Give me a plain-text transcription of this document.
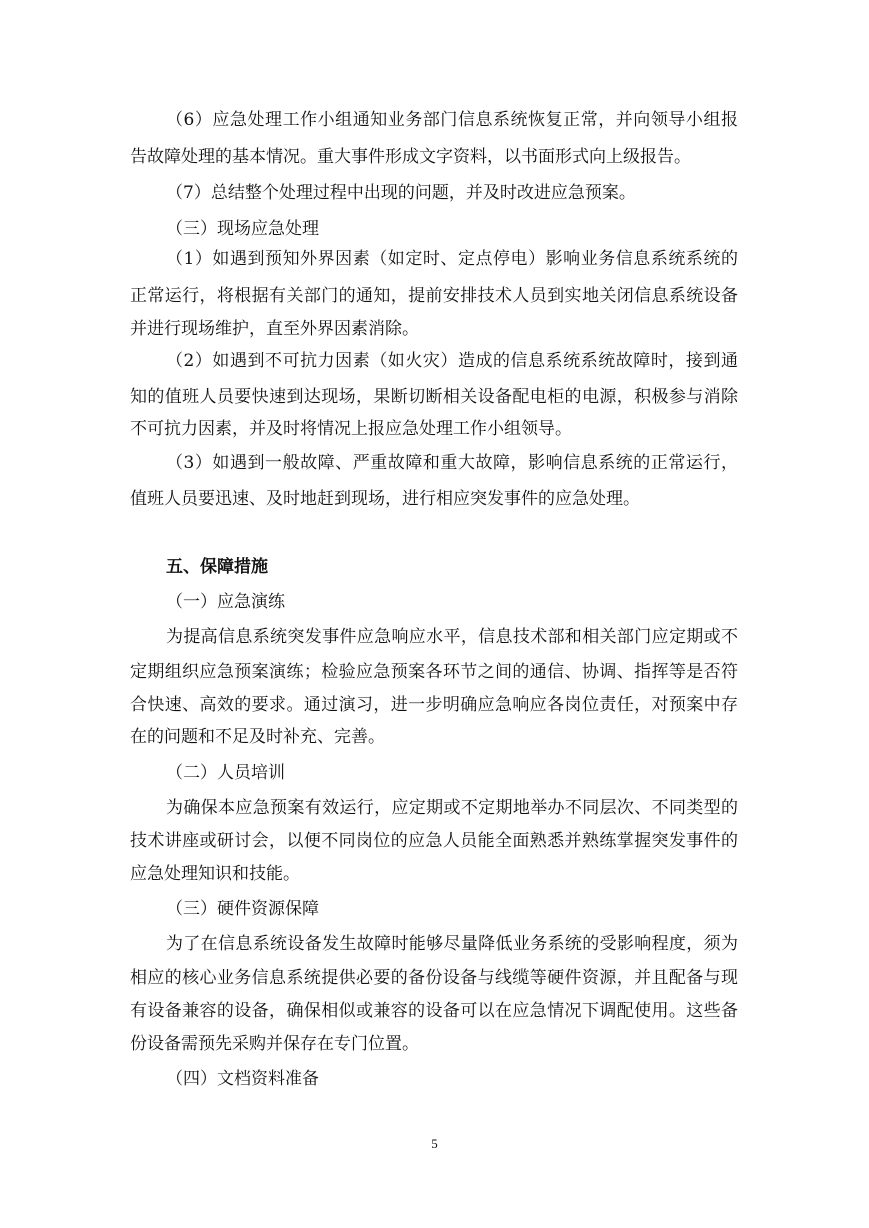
（6）应急处理工作小组通知业务部门信息系统恢复正常，并向领导小组报
告故障处理的基本情况。重大事件形成文字资料，以书面形式向上级报告。
（7）总结整个处理过程中出现的问题，并及时改进应急预案。
（三）现场应急处理
（1）如遇到预知外界因素（如定时、定点停电）影响业务信息系统系统的
正常运行，将根据有关部门的通知，提前安排技术人员到实地关闭信息系统设备
并进行现场维护，直至外界因素消除。
（2）如遇到不可抗力因素（如火灾）造成的信息系统系统故障时，接到通
知的值班人员要快速到达现场，果断切断相关设备配电柜的电源，积极参与消除
不可抗力因素，并及时将情况上报应急处理工作小组领导。
（3）如遇到一般故障、严重故障和重大故障，影响信息系统的正常运行，
值班人员要迅速、及时地赶到现场，进行相应突发事件的应急处理。
五、保障措施
（一）应急演练
为提高信息系统突发事件应急响应水平，信息技术部和相关部门应定期或不
定期组织应急预案演练；检验应急预案各环节之间的通信、协调、指挥等是否符
合快速、高效的要求。通过演习，进一步明确应急响应各岗位责任，对预案中存
在的问题和不足及时补充、完善。
（二）人员培训
为确保本应急预案有效运行，应定期或不定期地举办不同层次、不同类型的
技术讲座或研讨会，以便不同岗位的应急人员能全面熟悉并熟练掌握突发事件的
应急处理知识和技能。
（三）硬件资源保障
为了在信息系统设备发生故障时能够尽量降低业务系统的受影响程度，须为
相应的核心业务信息系统提供必要的备份设备与线缆等硬件资源，并且配备与现
有设备兼容的设备，确保相似或兼容的设备可以在应急情况下调配使用。这些备
份设备需预先采购并保存在专门位置。
（四）文档资料准备
5
